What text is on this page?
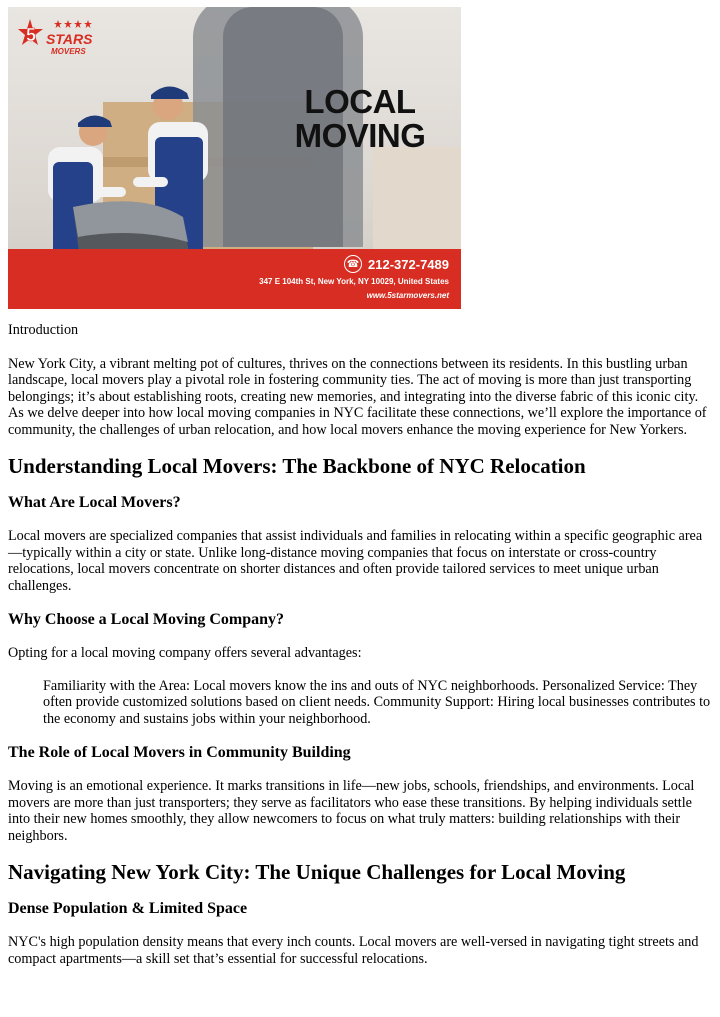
5 STARS
MOVERS
LOCAL
MOVING
☎ 212-372-7489
347 E 104th St, New York, NY 10029, United States
www.5starmovers.net

Introduction

New York City, a vibrant melting pot of cultures, thrives on the connections between its residents. In this bustling urban landscape, local movers play a pivotal role in fostering community ties. The act of moving is more than just transporting belongings; it’s about establishing roots, creating new memories, and integrating into the diverse fabric of this iconic city. As we delve deeper into how local moving companies in NYC facilitate these connections, we’ll explore the importance of community, the challenges of urban relocation, and how local movers enhance the moving experience for New Yorkers.

Understanding Local Movers: The Backbone of NYC Relocation
What Are Local Movers?

Local movers are specialized companies that assist individuals and families in relocating within a specific geographic area—typically within a city or state. Unlike long-distance moving companies that focus on interstate or cross-country relocations, local movers concentrate on shorter distances and often provide tailored services to meet unique urban challenges.

Why Choose a Local Moving Company?

Opting for a local moving company offers several advantages:

Familiarity with the Area: Local movers know the ins and outs of NYC neighborhoods. Personalized Service: They often provide customized solutions based on client needs. Community Support: Hiring local businesses contributes to the economy and sustains jobs within your neighborhood.
The Role of Local Movers in Community Building

Moving is an emotional experience. It marks transitions in life—new jobs, schools, friendships, and environments. Local movers are more than just transporters; they serve as facilitators who ease these transitions. By helping individuals settle into their new homes smoothly, they allow newcomers to focus on what truly matters: building relationships with their neighbors.

Navigating New York City: The Unique Challenges for Local Moving
Dense Population & Limited Space

NYC's high population density means that every inch counts. Local movers are well-versed in navigating tight streets and compact apartments—a skill set that’s essential for successful relocations.
